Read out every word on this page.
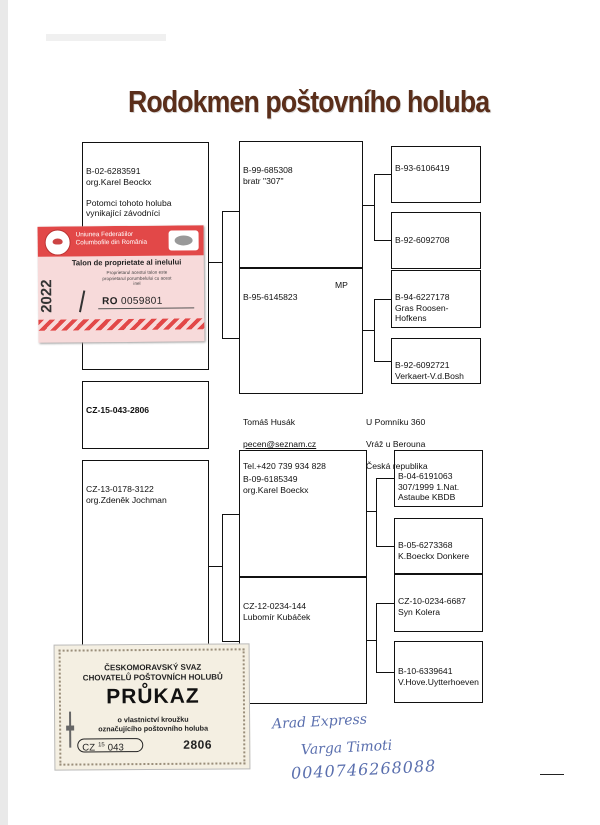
Rodokmen poštovního holuba

B-02-6283591

org.Karel Beockx

Potomci tohoto holuba
vynikající závodníci

CZ-15-043-2806

CZ-13-0178-3122

org.Zdeněk Jochman

B-99-685308

bratr "307"

B-95-6145823

MP

B-09-6185349

org.Karel Boeckx

CZ-12-0234-144

Lubomír Kubáček

B-93-6106419

B-92-6092708

B-94-6227178

Gras Roosen-
Hofkens

B-92-6092721

Verkaert-V.d.Bosh

B-04-6191063

307/1999 1.Nat.
Astaube KBDB

B-05-6273368

K.Boeckx Donkere

CZ-10-0234-6687

Syn Kolera

B-10-6339641

V.Hove.Uytterhoeven

Tomáš Husák

pecen@seznam.cz

Tel.+420 739 934 828

U Pomníku 360

Vráž u Berouna

Česká republika

Uniunea Federatiilor
Columbofile din România
Talon de proprietate al inelului
Proprietarul acestui talon este
proprietarul porumbelului cu acest
inel
2022	RO 0059801
ČESKOMORAVSKÝ SVAZ
CHOVATELŮ POŠTOVNÍCH HOLUBŮ
PRŮKAZ
o vlastnictví kroužku
označujícího poštovního holuba
CZ $^{15}$ 043	2806
Arad Express
Varga Timoti
0040746268088
